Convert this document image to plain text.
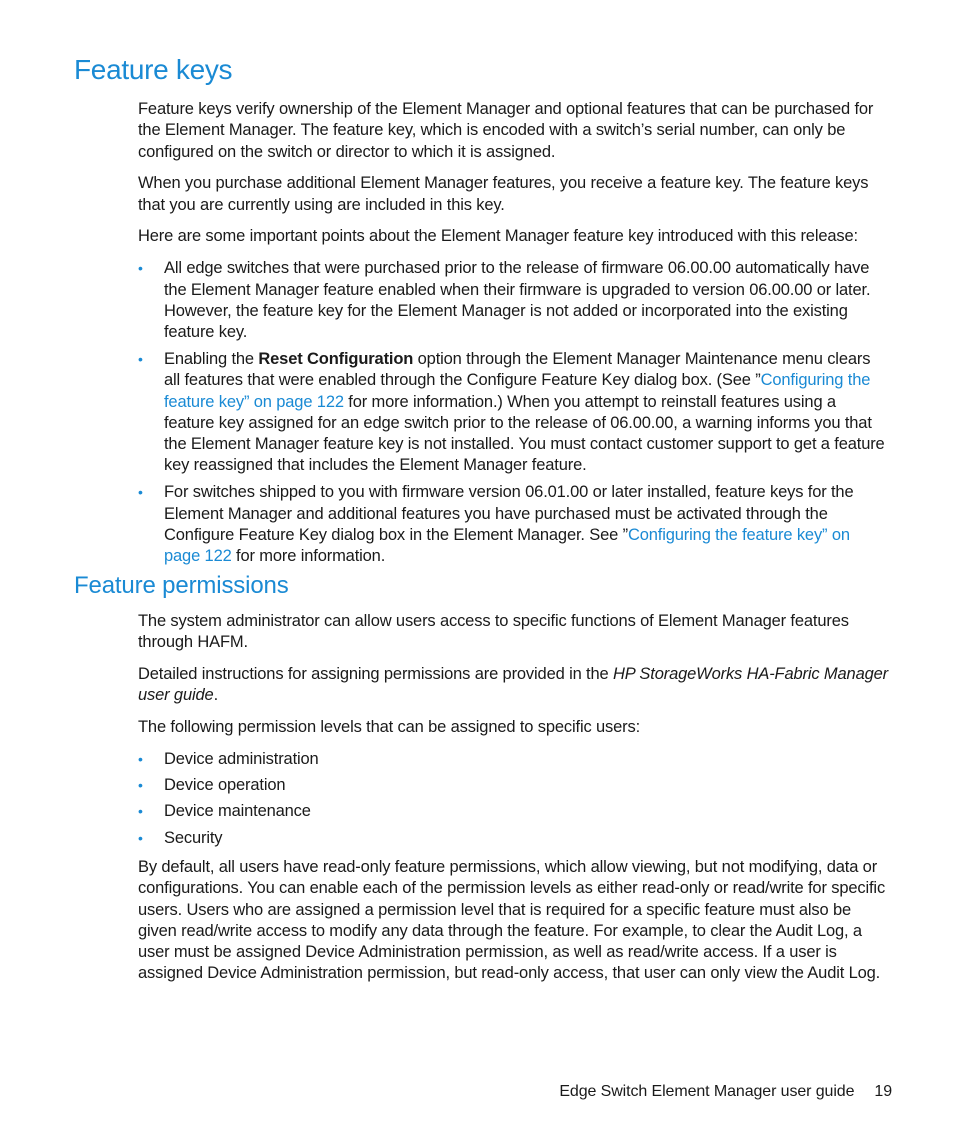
Feature keys

Feature keys verify ownership of the Element Manager and optional features that can be purchased for the Element Manager. The feature key, which is encoded with a switch’s serial number, can only be configured on the switch or director to which it is assigned.

When you purchase additional Element Manager features, you receive a feature key. The feature keys that you are currently using are included in this key.

Here are some important points about the Element Manager feature key introduced with this release:

• All edge switches that were purchased prior to the release of firmware 06.00.00 automatically have the Element Manager feature enabled when their firmware is upgraded to version 06.00.00 or later. However, the feature key for the Element Manager is not added or incorporated into the existing feature key.
• Enabling the Reset Configuration option through the Element Manager Maintenance menu clears all features that were enabled through the Configure Feature Key dialog box. (See ”Configuring the feature key” on page 122 for more information.) When you attempt to reinstall features using a feature key assigned for an edge switch prior to the release of 06.00.00, a warning informs you that the Element Manager feature key is not installed. You must contact customer support to get a feature key reassigned that includes the Element Manager feature.
• For switches shipped to you with firmware version 06.01.00 or later installed, feature keys for the Element Manager and additional features you have purchased must be activated through the Configure Feature Key dialog box in the Element Manager. See ”Configuring the feature key” on page 122 for more information.
Feature permissions

The system administrator can allow users access to specific functions of Element Manager features through HAFM.

Detailed instructions for assigning permissions are provided in the HP StorageWorks HA-Fabric Manager user guide.

The following permission levels that can be assigned to specific users:

• Device administration
• Device operation
• Device maintenance
• Security

By default, all users have read-only feature permissions, which allow viewing, but not modifying, data or configurations. You can enable each of the permission levels as either read-only or read/write for specific users. Users who are assigned a permission level that is required for a specific feature must also be given read/write access to modify any data through the feature. For example, to clear the Audit Log, a user must be assigned Device Administration permission, as well as read/write access. If a user is assigned Device Administration permission, but read-only access, that user can only view the Audit Log.

Edge Switch Element Manager user guide 19
